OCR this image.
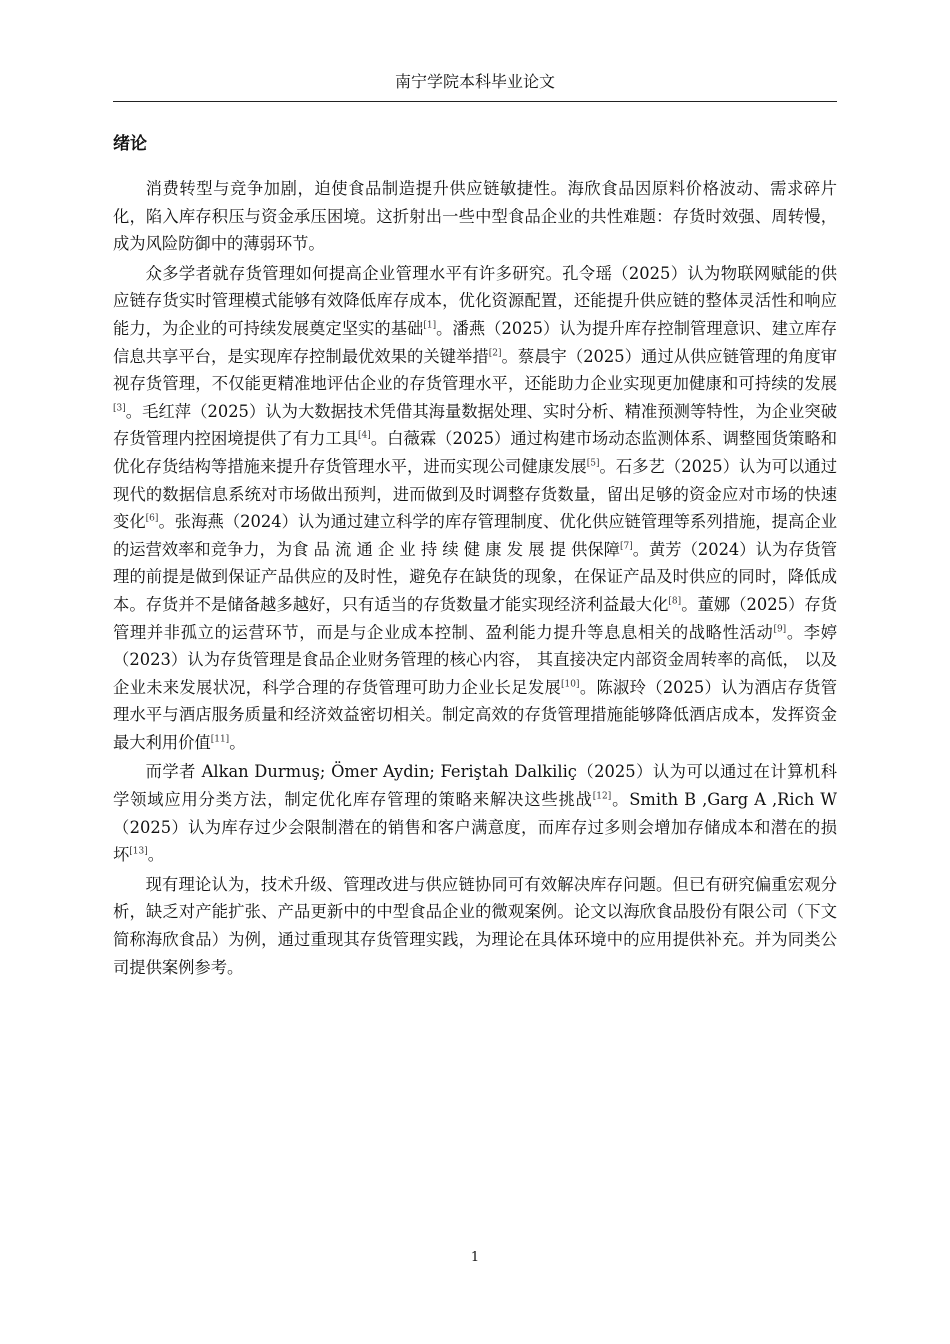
南宁学院本科毕业论文
绪论

消费转型与竞争加剧，迫使食品制造提升供应链敏捷性。海欣食品因原料价格波动、需求碎片化，陷入库存积压与资金承压困境。这折射出一些中型食品企业的共性难题：存货时效强、周转慢，成为风险防御中的薄弱环节。

众多学者就存货管理如何提高企业管理水平有许多研究。孔令瑶（2025）认为物联网赋能的供应链存货实时管理模式能够有效降低库存成本，优化资源配置，还能提升供应链的整体灵活性和响应能力，为企业的可持续发展奠定坚实的基础[1]。潘燕（2025）认为提升库存控制管理意识、建立库存信息共享平台，是实现库存控制最优效果的关键举措[2]。蔡晨宇（2025）通过从供应链管理的角度审视存货管理，不仅能更精准地评估企业的存货管理水平，还能助力企业实现更加健康和可持续的发展[3]。毛红萍（2025）认为大数据技术凭借其海量数据处理、实时分析、精准预测等特性，为企业突破存货管理内控困境提供了有力工具[4]。白薇霖（2025）通过构建市场动态监测体系、调整囤货策略和优化存货结构等措施来提升存货管理水平，进而实现公司健康发展[5]。石多艺（2025）认为可以通过现代的数据信息系统对市场做出预判，进而做到及时调整存货数量，留出足够的资金应对市场的快速变化[6]。张海燕（2024）认为通过建立科学的库存管理制度、优化供应链管理等系列措施，提高企业的运营效率和竞争力，为食 品 流 通 企 业 持 续 健 康 发 展 提 供保障[7]。黄芳（2024）认为存货管理的前提是做到保证产品供应的及时性，避免存在缺货的现象，在保证产品及时供应的同时，降低成本。存货并不是储备越多越好，只有适当的存货数量才能实现经济利益最大化[8]。董娜（2025）存货管理并非孤立的运营环节，而是与企业成本控制、盈利能力提升等息息相关的战略性活动[9]。李婷（2023）认为存货管理是食品企业财务管理的核心内容， 其直接决定内部资金周转率的高低， 以及企业未来发展状况，科学合理的存货管理可助力企业长足发展[10]。陈淑玲（2025）认为酒店存货管理水平与酒店服务质量和经济效益密切相关。制定高效的存货管理措施能够降低酒店成本，发挥资金最大利用价值[11]。

而学者 Alkan Durmuş; Ömer Aydin; Feriştah Dalkiliç（2025）认为可以通过在计算机科学领域应用分类方法，制定优化库存管理的策略来解决这些挑战[12]。Smith B ,Garg A ,Rich W（2025）认为库存过少会限制潜在的销售和客户满意度，而库存过多则会增加存储成本和潜在的损坏[13]。

现有理论认为，技术升级、管理改进与供应链协同可有效解决库存问题。但已有研究偏重宏观分析，缺乏对产能扩张、产品更新中的中型食品企业的微观案例。论文以海欣食品股份有限公司（下文简称海欣食品）为例，通过重现其存货管理实践，为理论在具体环境中的应用提供补充。并为同类公司提供案例参考。

1
